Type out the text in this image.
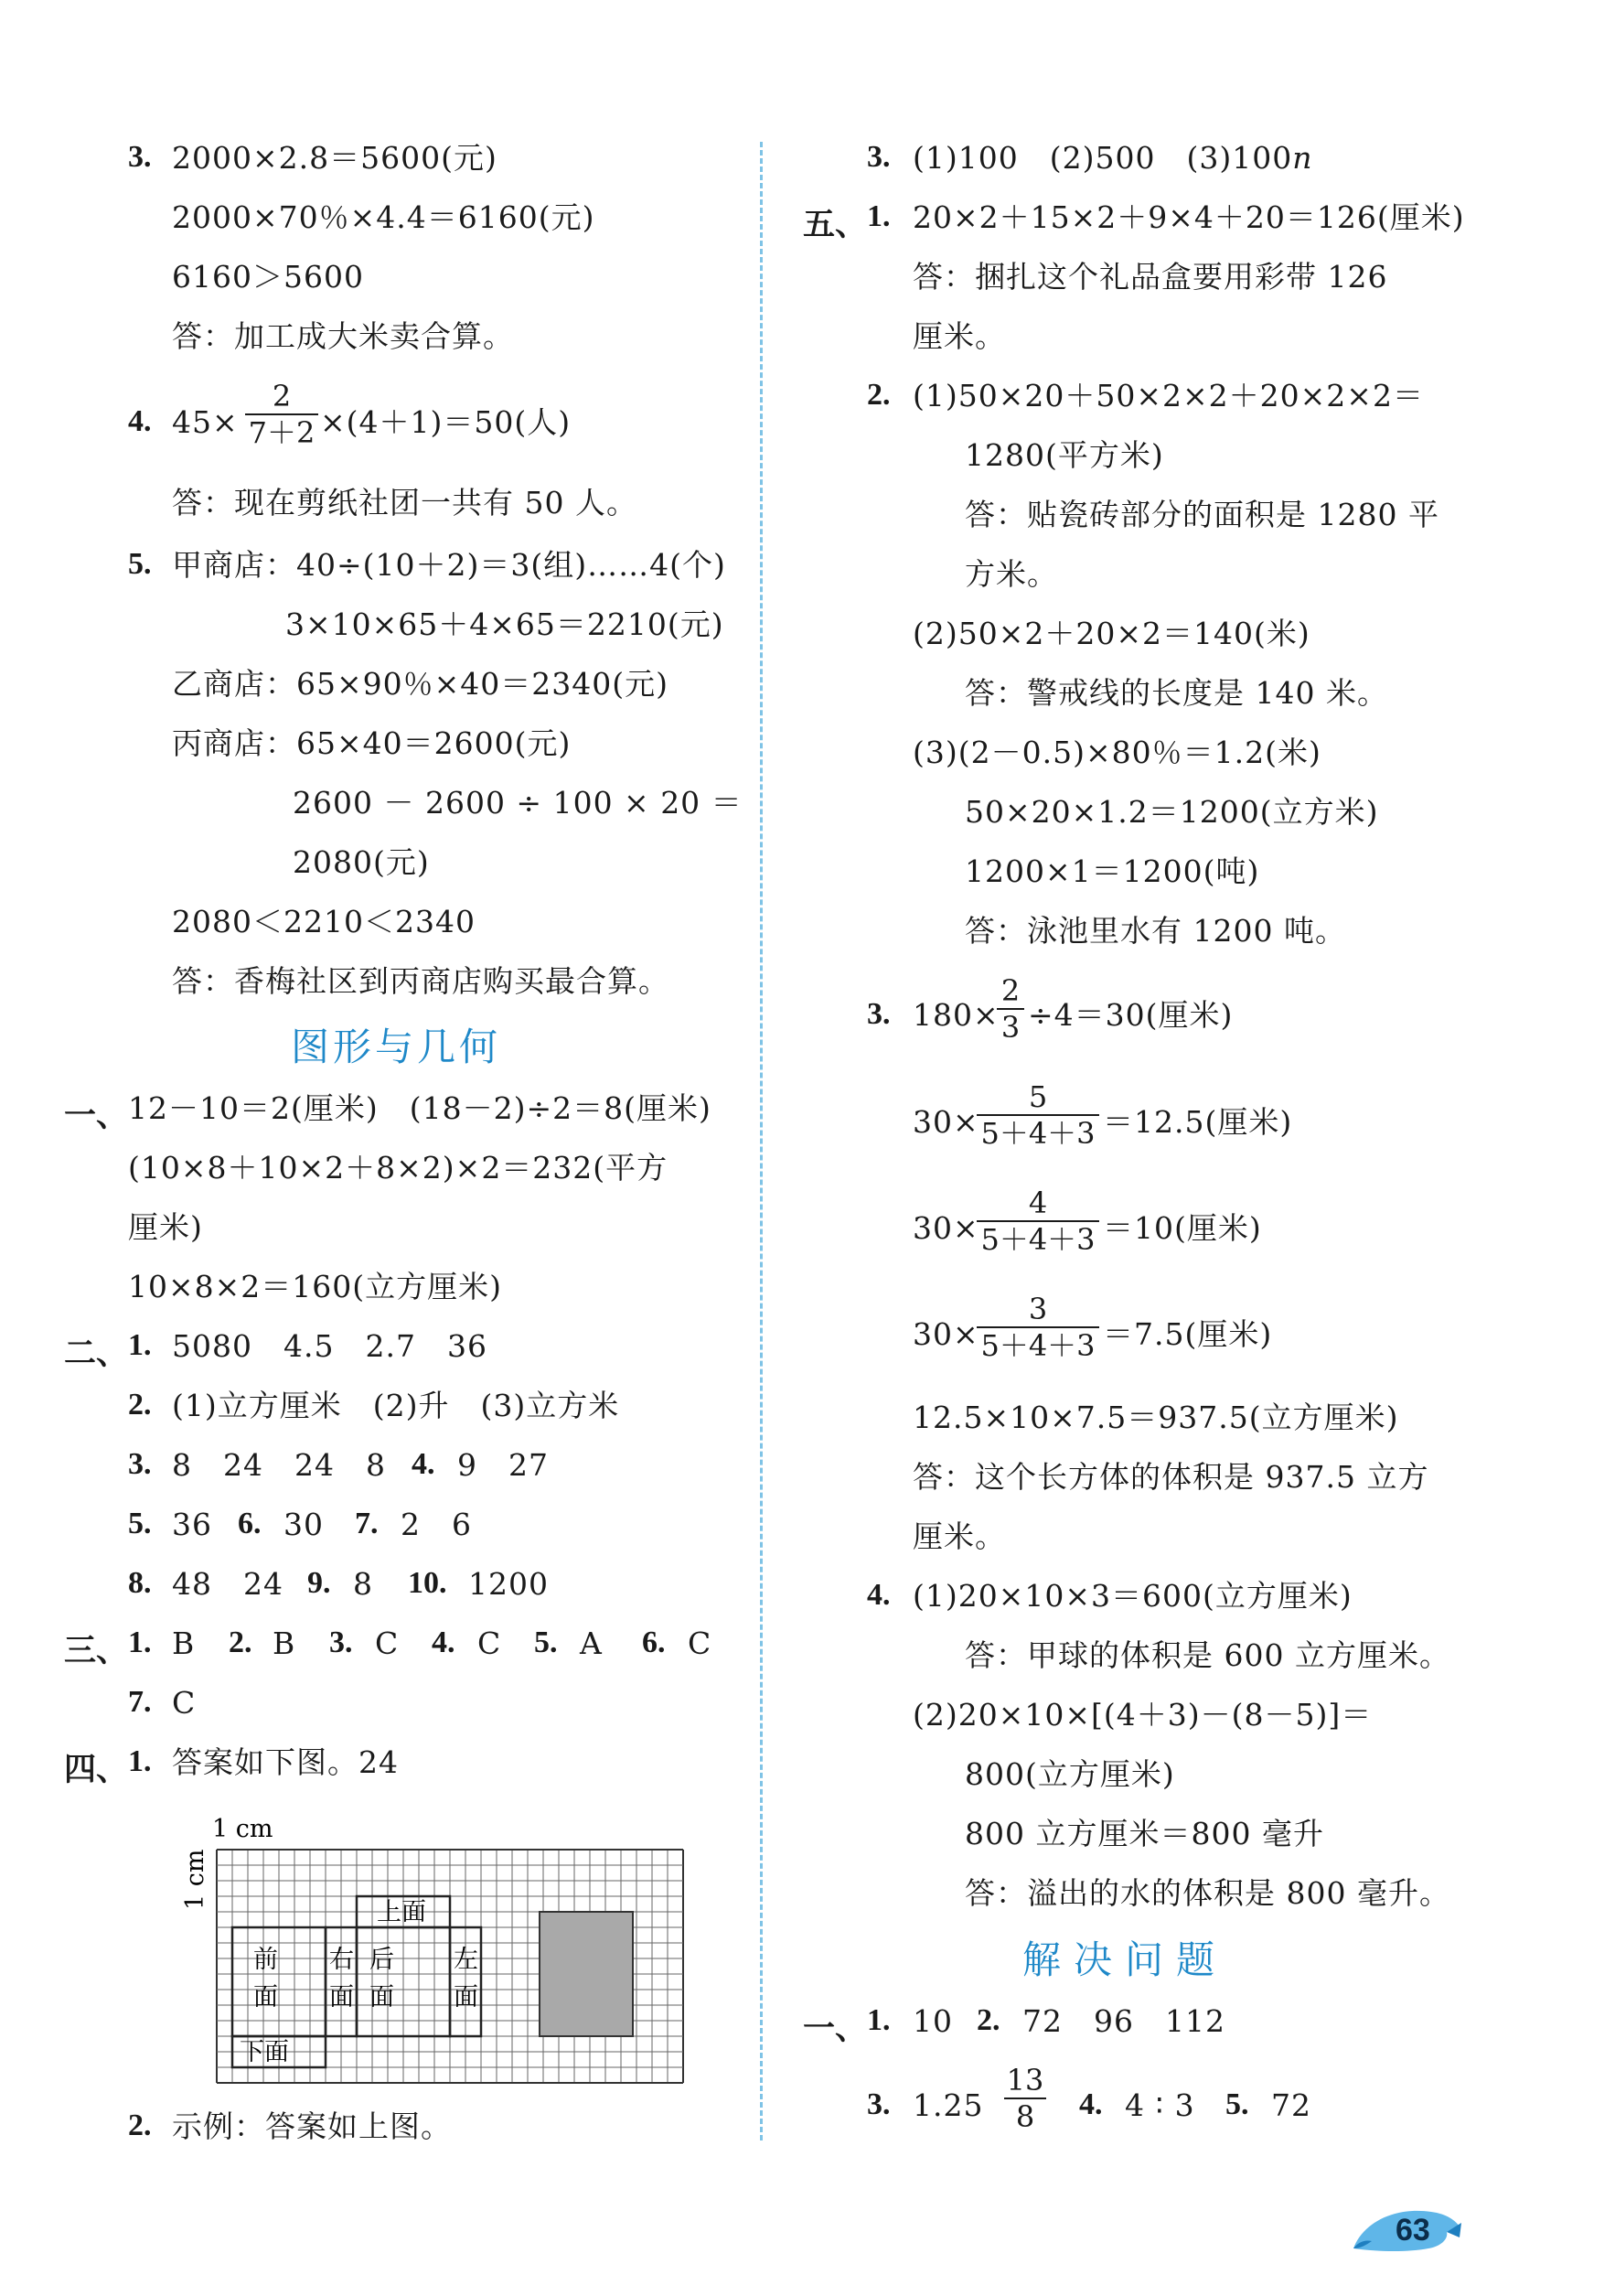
3. 2000×2.8＝5600(元)
2000×70％×4.4＝6160(元)
6160＞5600
答：加工成大米卖合算。
4. 45×
2
7＋2 ×(4＋1)＝50(人)
答：现在剪纸社团一共有 50 人。
5. 甲商店：40÷(10＋2)＝3(组)……4(个)
3×10×65＋4×65＝2210(元)
乙商店：65×90％×40＝2340(元)
丙商店：65×40＝2600(元)
2600 － 2600 ÷ 100 × 20 ＝
2080(元)
2080＜2210＜2340
答：香梅社区到丙商店购买最合算。
图形与几何
一、 12－10＝2(厘米)　(18－2)÷2＝8(厘米)
(10×8＋10×2＋8×2)×2＝232(平方
厘米)
10×8×2＝160(立方厘米)
二、 1. 5080　4.5　2.7　36
2. (1)立方厘米　(2)升　(3)立方米
3. 8　24　24　8 4. 9　27
5. 36 6. 30 7. 2　6
8. 48　24 9. 8 10. 1200
三、 1. B 2. B 3. C 4. C 5. A 6. C
7. C
四、 1. 答案如下图。24
上面
前
面
右
面
后
面
左
面
下面
1 cm
1 cm
2. 示例：答案如上图。
3. (1)100　(2)500　(3)100n
五、 1. 20×2＋15×2＋9×4＋20＝126(厘米)
答：捆扎这个礼品盒要用彩带 126
厘米。
2. (1)50×20＋50×2×2＋20×2×2＝
1280(平方米)
答：贴瓷砖部分的面积是 1280 平
方米。
(2)50×2＋20×2＝140(米)
答：警戒线的长度是 140 米。
(3)(2－0.5)×80％＝1.2(米)
50×20×1.2＝1200(立方米)
1200×1＝1200(吨)
答：泳池里水有 1200 吨。
3. 180×
2
3 ÷4＝30(厘米)
30×
5
5＋4＋3 ＝12.5(厘米)
30×
4
5＋4＋3 ＝10(厘米)
30×
3
5＋4＋3 ＝7.5(厘米)
12.5×10×7.5＝937.5(立方厘米)
答：这个长方体的体积是 937.5 立方
厘米。
4. (1)20×10×3＝600(立方厘米)
答：甲球的体积是 600 立方厘米。
(2)20×10×[(4＋3)－(8－5)]＝
800(立方厘米)
800 立方厘米＝800 毫升
答：溢出的水的体积是 800 毫升。
解决问题
一、 1. 10 2. 72　96　112
3. 1.25
13
8	4. 4 ∶ 3 5. 72
63
